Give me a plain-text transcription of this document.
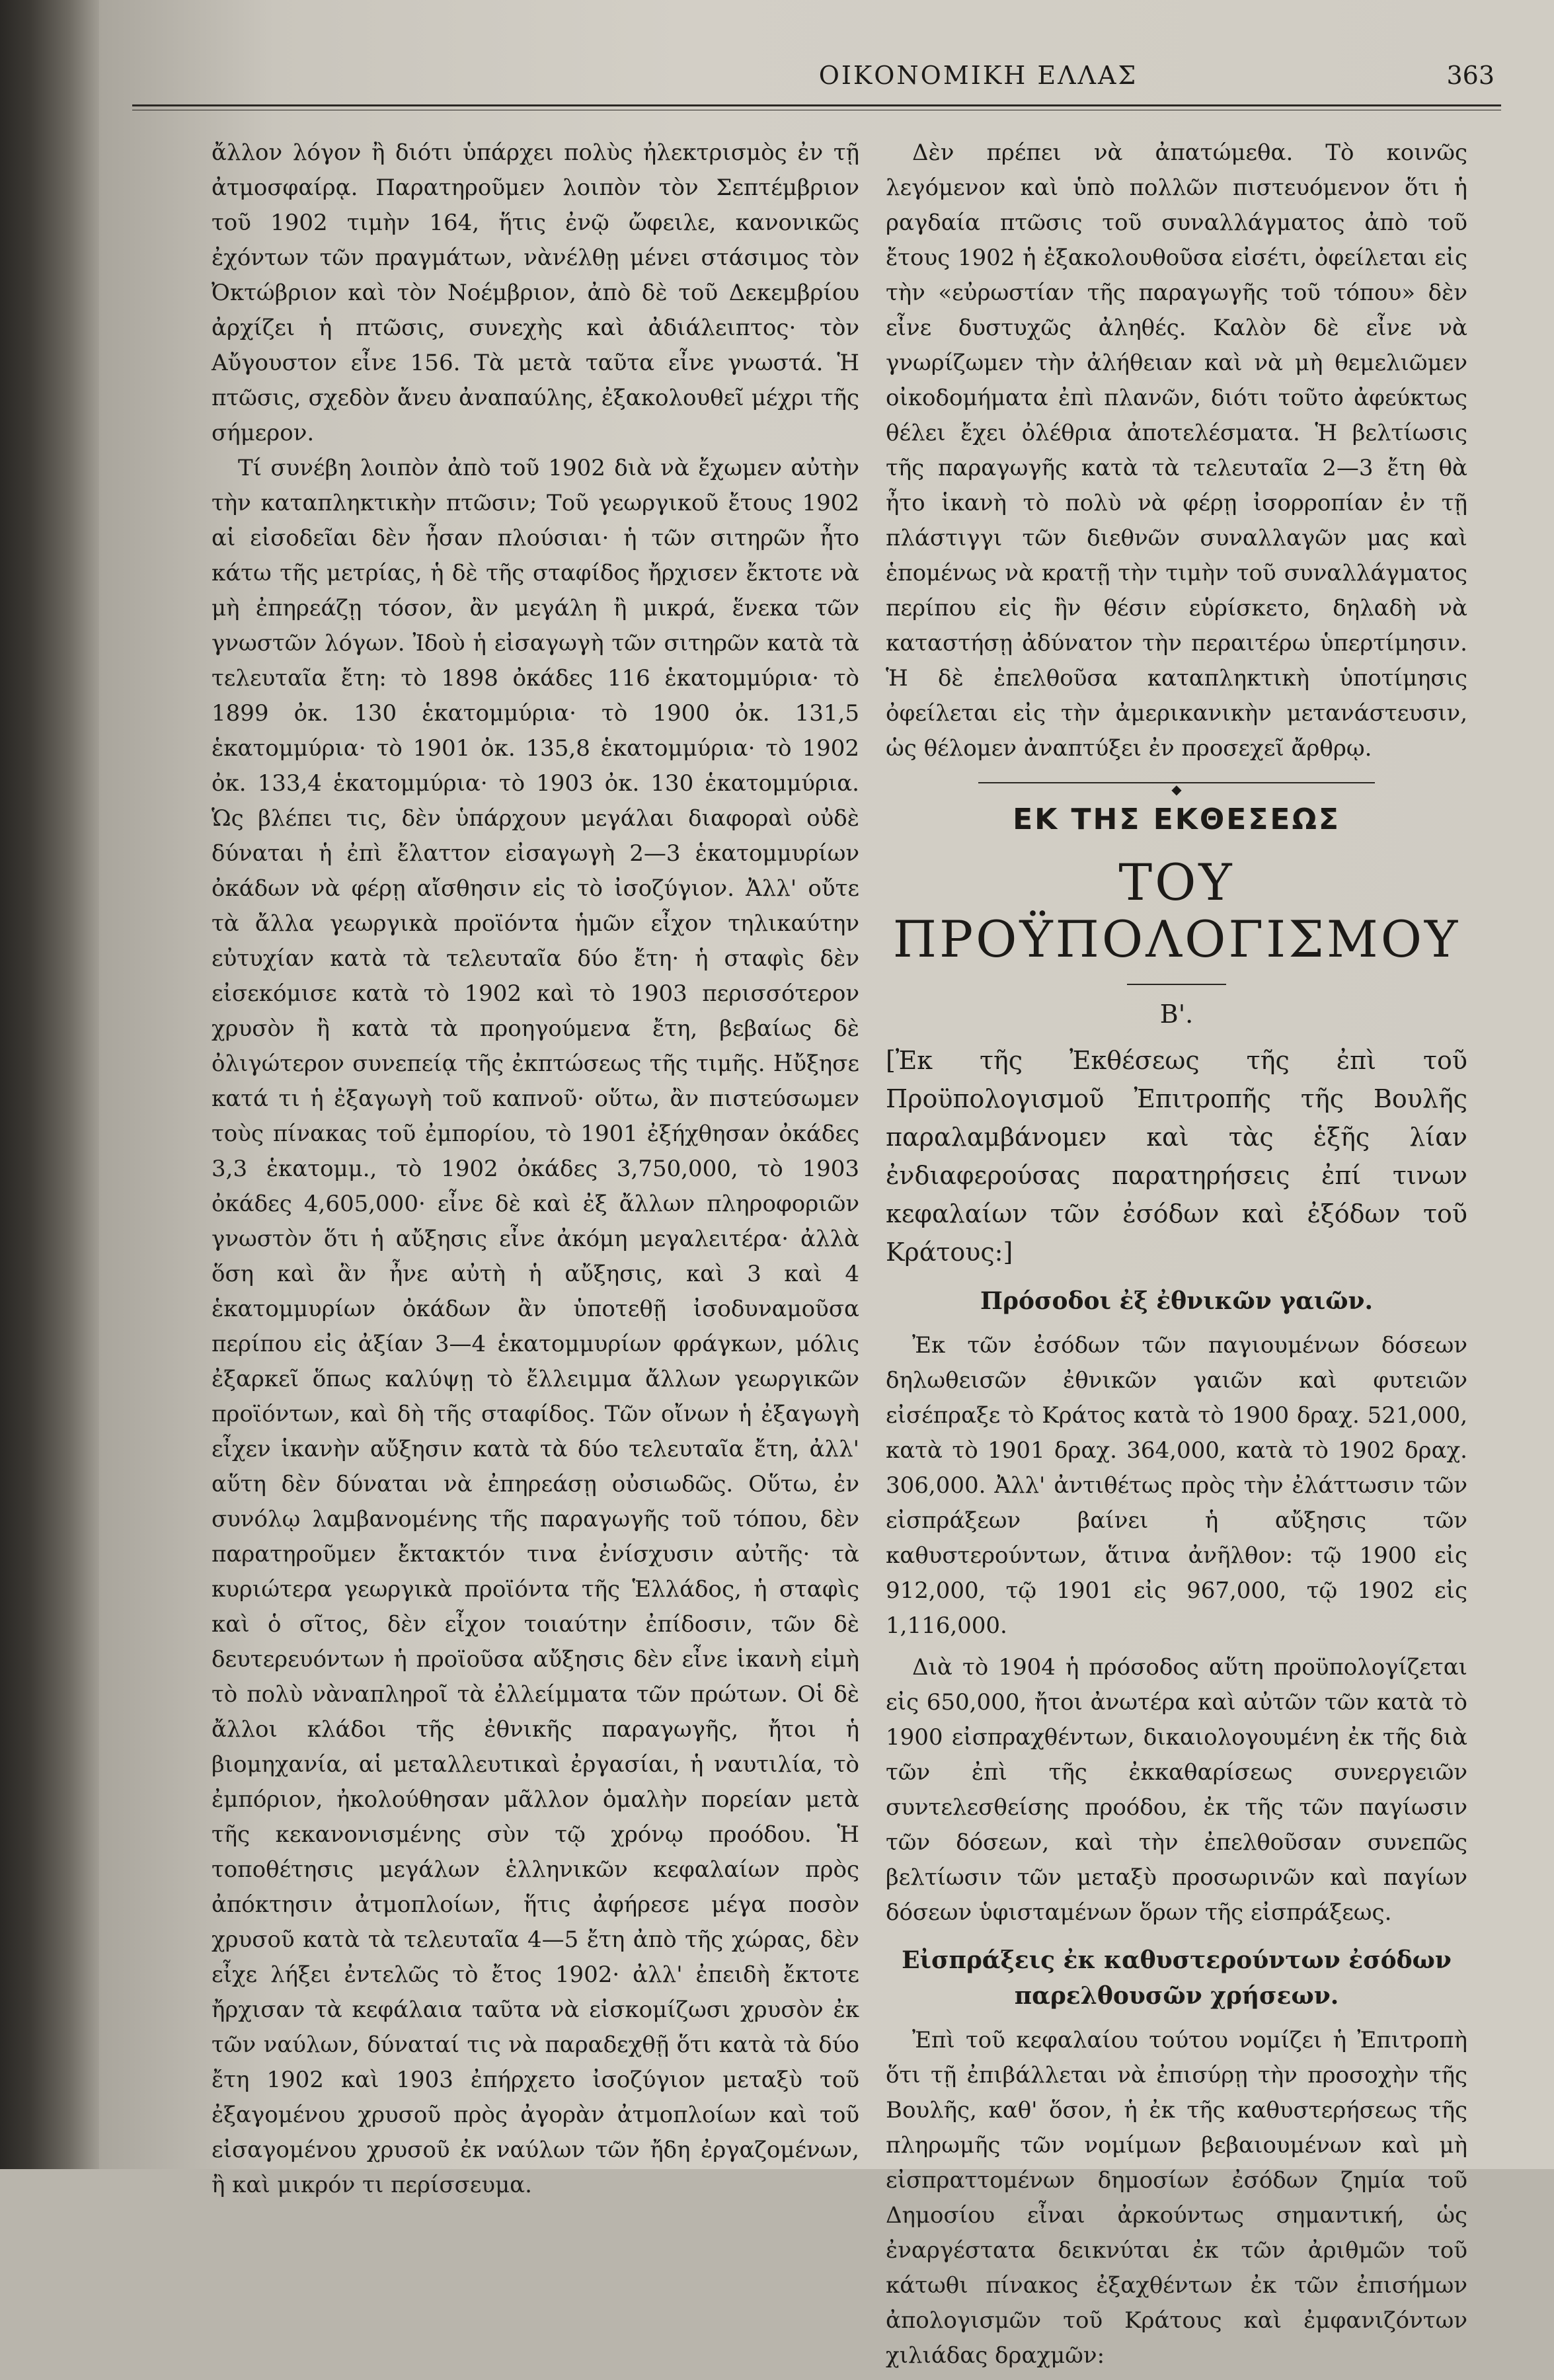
ΟΙΚΟΝΟΜΙΚΗ ΕΛΛΑΣ	363

ἄλλον λόγον ἢ διότι ὑπάρχει πολὺς ἠλεκτρισμὸς ἐν τῇ ἀτμοσφαίρᾳ. Παρατηροῦμεν λοιπὸν τὸν Σεπτέμβριον τοῦ 1902 τιμὴν 164, ἥτις ἐνῷ ὤφειλε, κανονικῶς ἐχόντων τῶν πραγμάτων, νὰνέλθῃ μένει στάσιμος τὸν Ὀκτώβριον καὶ τὸν Νοέμβριον, ἀπὸ δὲ τοῦ Δεκεμβρίου ἀρχίζει ἡ πτῶσις, συνεχὴς καὶ ἀδιάλειπτος· τὸν Αὔγουστον εἶνε 156. Τὰ μετὰ ταῦτα εἶνε γνωστά. Ἡ πτῶσις, σχεδὸν ἄνευ ἀναπαύλης, ἐξακολουθεῖ μέχρι τῆς σήμερον.

Τί συνέβη λοιπὸν ἀπὸ τοῦ 1902 διὰ νὰ ἔχωμεν αὐτὴν τὴν καταπληκτικὴν πτῶσιν; Τοῦ γεωργικοῦ ἔτους 1902 αἱ εἰσοδεῖαι δὲν ἦσαν πλούσιαι· ἡ τῶν σιτηρῶν ἦτο κάτω τῆς μετρίας, ἡ δὲ τῆς σταφίδος ἤρχισεν ἔκτοτε νὰ μὴ ἐπηρεάζῃ τόσον, ἂν μεγάλη ἢ μικρά, ἕνεκα τῶν γνωστῶν λόγων. Ἰδοὺ ἡ εἰσαγωγὴ τῶν σιτηρῶν κατὰ τὰ τελευταῖα ἔτη: τὸ 1898 ὀκάδες 116 ἑκατομμύρια· τὸ 1899 ὀκ. 130 ἑκατομμύρια· τὸ 1900 ὀκ. 131,5 ἑκατομμύρια· τὸ 1901 ὀκ. 135,8 ἑκατομμύρια· τὸ 1902 ὀκ. 133,4 ἑκατομμύρια· τὸ 1903 ὀκ. 130 ἑκατομμύρια. Ὡς βλέπει τις, δὲν ὑπάρχουν μεγάλαι διαφοραὶ οὐδὲ δύναται ἡ ἐπὶ ἔλαττον εἰσαγωγὴ 2—3 ἑκατομμυρίων ὀκάδων νὰ φέρῃ αἴσθησιν εἰς τὸ ἰσοζύγιον. Ἀλλ' οὔτε τὰ ἄλλα γεωργικὰ προϊόντα ἡμῶν εἶχον τηλικαύτην εὐτυχίαν κατὰ τὰ τελευταῖα δύο ἔτη· ἡ σταφὶς δὲν εἰσεκόμισε κατὰ τὸ 1902 καὶ τὸ 1903 περισσότερον χρυσὸν ἢ κατὰ τὰ προηγούμενα ἔτη, βεβαίως δὲ ὀλιγώτερον συνεπείᾳ τῆς ἐκπτώσεως τῆς τιμῆς. Ηὔξησε κατά τι ἡ ἐξαγωγὴ τοῦ καπνοῦ· οὕτω, ἂν πιστεύσωμεν τοὺς πίνακας τοῦ ἐμπορίου, τὸ 1901 ἐξήχθησαν ὀκάδες 3,3 ἑκατομμ., τὸ 1902 ὀκάδες 3,750,000, τὸ 1903 ὀκάδες 4,605,000· εἶνε δὲ καὶ ἐξ ἄλλων πληροφοριῶν γνωστὸν ὅτι ἡ αὔξησις εἶνε ἀκόμη μεγαλειτέρα· ἀλλὰ ὅση καὶ ἂν ἦνε αὐτὴ ἡ αὔξησις, καὶ 3 καὶ 4 ἑκατομμυρίων ὀκάδων ἂν ὑποτεθῇ ἰσοδυναμοῦσα περίπου εἰς ἀξίαν 3—4 ἑκατομμυρίων φράγκων, μόλις ἐξαρκεῖ ὅπως καλύψῃ τὸ ἔλλειμμα ἄλλων γεωργικῶν προϊόντων, καὶ δὴ τῆς σταφίδος. Τῶν οἴνων ἡ ἐξαγωγὴ εἶχεν ἱκανὴν αὔξησιν κατὰ τὰ δύο τελευταῖα ἔτη, ἀλλ' αὕτη δὲν δύναται νὰ ἐπηρεάσῃ οὐσιωδῶς. Οὕτω, ἐν συνόλῳ λαμβανομένης τῆς παραγωγῆς τοῦ τόπου, δὲν παρατηροῦμεν ἔκτακτόν τινα ἐνίσχυσιν αὐτῆς· τὰ κυριώτερα γεωργικὰ προϊόντα τῆς Ἑλλάδος, ἡ σταφὶς καὶ ὁ σῖτος, δὲν εἶχον τοιαύτην ἐπίδοσιν, τῶν δὲ δευτερευόντων ἡ προϊοῦσα αὔξησις δὲν εἶνε ἱκανὴ εἰμὴ τὸ πολὺ νὰναπληροῖ τὰ ἐλλείμματα τῶν πρώτων. Οἱ δὲ ἄλλοι κλάδοι τῆς ἐθνικῆς παραγωγῆς, ἤτοι ἡ βιομηχανία, αἱ μεταλλευτικαὶ ἐργασίαι, ἡ ναυτιλία, τὸ ἐμπόριον, ἠκολούθησαν μᾶλλον ὁμαλὴν πορείαν μετὰ τῆς κεκανονισμένης σὺν τῷ χρόνῳ προόδου. Ἡ τοποθέτησις μεγάλων ἑλληνικῶν κεφαλαίων πρὸς ἀπόκτησιν ἀτμοπλοίων, ἥτις ἀφήρεσε μέγα ποσὸν χρυσοῦ κατὰ τὰ τελευταῖα 4—5 ἔτη ἀπὸ τῆς χώρας, δὲν εἶχε λήξει ἐντελῶς τὸ ἔτος 1902· ἀλλ' ἐπειδὴ ἔκτοτε ἤρχισαν τὰ κεφάλαια ταῦτα νὰ εἰσκομίζωσι χρυσὸν ἐκ τῶν ναύλων, δύναταί τις νὰ παραδεχθῇ ὅτι κατὰ τὰ δύο ἔτη 1902 καὶ 1903 ἐπήρχετο ἰσοζύγιον μεταξὺ τοῦ ἐξαγομένου χρυσοῦ πρὸς ἀγορὰν ἀτμοπλοίων καὶ τοῦ εἰσαγομένου χρυσοῦ ἐκ ναύλων τῶν ἤδη ἐργαζομένων, ἢ καὶ μικρόν τι περίσσευμα.

Δὲν πρέπει νὰ ἀπατώμεθα. Τὸ κοινῶς λεγόμενον καὶ ὑπὸ πολλῶν πιστευόμενον ὅτι ἡ ραγδαία πτῶσις τοῦ συναλλάγματος ἀπὸ τοῦ ἔτους 1902 ἡ ἐξακολουθοῦσα εἰσέτι, ὀφείλεται εἰς τὴν «εὐρωστίαν τῆς παραγωγῆς τοῦ τόπου» δὲν εἶνε δυστυχῶς ἀληθές. Καλὸν δὲ εἶνε νὰ γνωρίζωμεν τὴν ἀλήθειαν καὶ νὰ μὴ θεμελιῶμεν οἰκοδομήματα ἐπὶ πλανῶν, διότι τοῦτο ἀφεύκτως θέλει ἔχει ὀλέθρια ἀποτελέσματα. Ἡ βελτίωσις τῆς παραγωγῆς κατὰ τὰ τελευταῖα 2—3 ἔτη θὰ ἦτο ἱκανὴ τὸ πολὺ νὰ φέρῃ ἰσορροπίαν ἐν τῇ πλάστιγγι τῶν διεθνῶν συναλλαγῶν μας καὶ ἑπομένως νὰ κρατῇ τὴν τιμὴν τοῦ συναλλάγματος περίπου εἰς ἣν θέσιν εὑρίσκετο, δηλαδὴ νὰ καταστήσῃ ἀδύνατον τὴν περαιτέρω ὑπερτίμησιν. Ἡ δὲ ἐπελθοῦσα καταπληκτικὴ ὑποτίμησις ὀφείλεται εἰς τὴν ἀμερικανικὴν μετανάστευσιν, ὡς θέλομεν ἀναπτύξει ἐν προσεχεῖ ἄρθρῳ.

◆
ΕΚ ΤΗΣ ΕΚΘΕΣΕΩΣ
ΤΟΥ ΠΡΟΫΠΟΛΟΓΙΣΜΟΥ
Β'.

[Ἐκ τῆς Ἐκθέσεως τῆς ἐπὶ τοῦ Προϋπολογισμοῦ Ἐπιτροπῆς τῆς Βουλῆς παραλαμβάνομεν καὶ τὰς ἑξῆς λίαν ἐνδιαφερούσας παρατηρήσεις ἐπί τινων κεφαλαίων τῶν ἐσόδων καὶ ἐξόδων τοῦ Κράτους:]

Πρόσοδοι ἐξ ἐθνικῶν γαιῶν.

Ἐκ τῶν ἐσόδων τῶν παγιουμένων δόσεων δηλωθεισῶν ἐθνικῶν γαιῶν καὶ φυτειῶν εἰσέπραξε τὸ Κράτος κατὰ τὸ 1900 δραχ. 521,000, κατὰ τὸ 1901 δραχ. 364,000, κατὰ τὸ 1902 δραχ. 306,000. Ἀλλ' ἀντιθέτως πρὸς τὴν ἐλάττωσιν τῶν εἰσπράξεων βαίνει ἡ αὔξησις τῶν καθυστερούντων, ἅτινα ἀνῆλθον: τῷ 1900 εἰς 912,000, τῷ 1901 εἰς 967,000, τῷ 1902 εἰς 1,116,000.

Διὰ τὸ 1904 ἡ πρόσοδος αὕτη προϋπολογίζεται εἰς 650,000, ἤτοι ἀνωτέρα καὶ αὐτῶν τῶν κατὰ τὸ 1900 εἰσπραχθέντων, δικαιολογουμένη ἐκ τῆς διὰ τῶν ἐπὶ τῆς ἐκκαθαρίσεως συνεργειῶν συντελεσθείσης προόδου, ἐκ τῆς τῶν παγίωσιν τῶν δόσεων, καὶ τὴν ἐπελθοῦσαν συνεπῶς βελτίωσιν τῶν μεταξὺ προσωρινῶν καὶ παγίων δόσεων ὑφισταμένων ὅρων τῆς εἰσπράξεως.

Εἰσπράξεις ἐκ καθυστερούντων ἐσόδων παρελθουσῶν χρήσεων.

Ἐπὶ τοῦ κεφαλαίου τούτου νομίζει ἡ Ἐπιτροπὴ ὅτι τῇ ἐπιβάλλεται νὰ ἐπισύρῃ τὴν προσοχὴν τῆς Βουλῆς, καθ' ὅσον, ἡ ἐκ τῆς καθυστερήσεως τῆς πληρωμῆς τῶν νομίμων βεβαιουμένων καὶ μὴ εἰσπραττομένων δημοσίων ἐσόδων ζημία τοῦ Δημοσίου εἶναι ἀρκούντως σημαντική, ὡς ἐναργέστατα δεικνύται ἐκ τῶν ἀριθμῶν τοῦ κάτωθι πίνακος ἐξαχθέντων ἐκ τῶν ἐπισήμων ἀπολογισμῶν τοῦ Κράτους καὶ ἐμφανιζόντων χιλιάδας δραχμῶν:
